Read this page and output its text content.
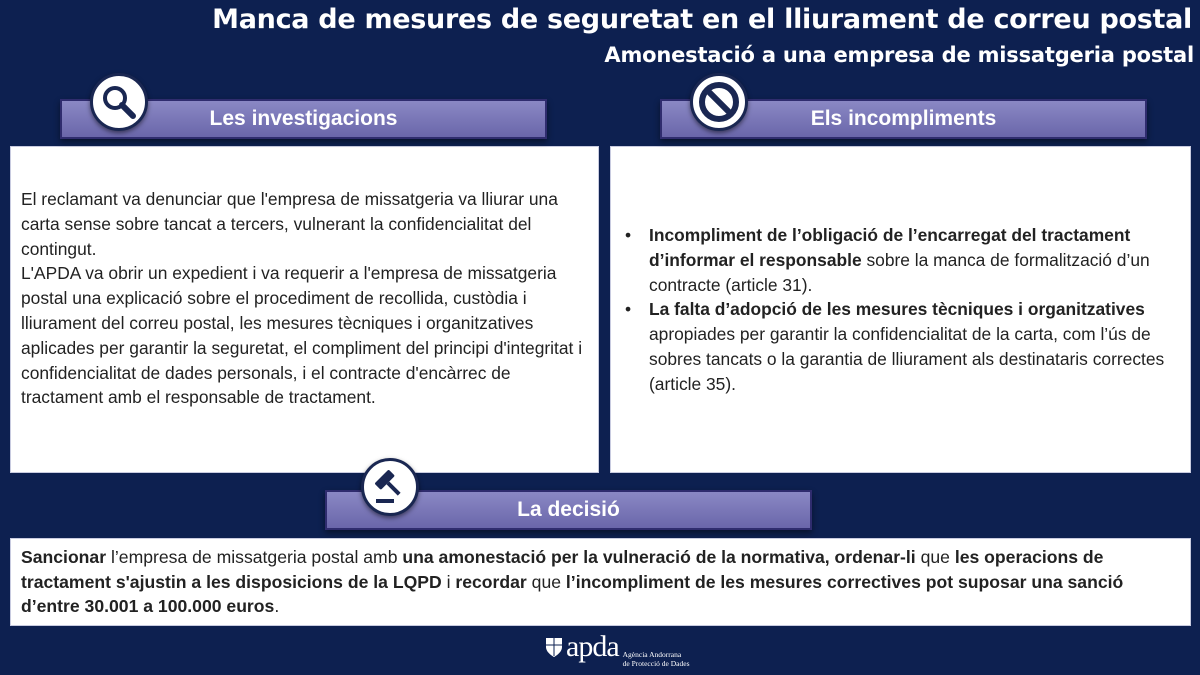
Manca de mesures de seguretat en el lliurament de correu postal
Amonestació a una empresa de missatgeria postal
El reclamant va denunciar que l'empresa de missatgeria va lliurar una carta sense sobre tancat a tercers, vulnerant la confidencialitat del contingut.
L'APDA va obrir un expedient i va requerir a l'empresa de missatgeria postal una explicació sobre el procediment de recollida, custòdia i lliurament del correu postal, les mesures tècniques i organitzatives aplicades per garantir la seguretat, el compliment del principi d'integritat i confidencialitat de dades personals, i el contracte d'encàrrec de tractament amb el responsable de tractament.
Les investigacions
• Incompliment de l’obligació de l’encarregat del tractament d’informar el responsable sobre la manca de formalització d’un contracte (article 31).
• La falta d’adopció de les mesures tècniques i organitzatives apropiades per garantir la confidencialitat de la carta, com l’ús de sobres tancats o la garantia de lliurament als destinataris correctes (article 35).
Els incompliments
La decisió
Sancionar l’empresa de missatgeria postal amb una amonestació per la vulneració de la normativa, ordenar-li que les operacions de tractament s'ajustin a les disposicions de la LQPD i recordar que l’incompliment de les mesures correctives pot suposar una sanció d’entre 30.001 a 100.000 euros.
apda Agència Andorrana
de Protecció de Dades
